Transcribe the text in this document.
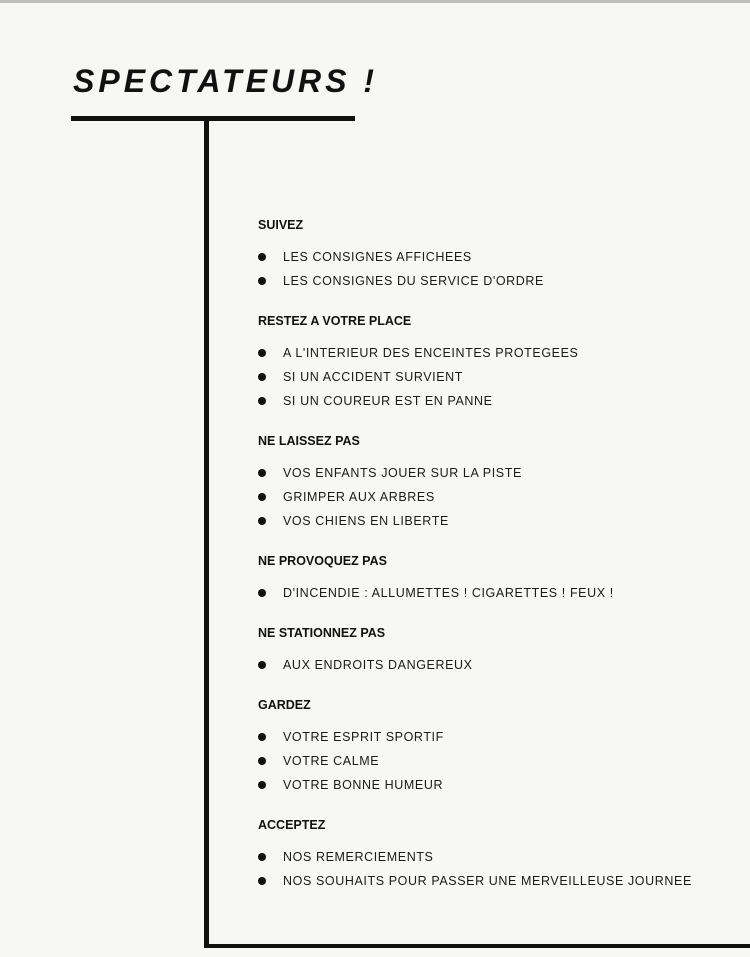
SPECTATEURS !
SUIVEZ
LES CONSIGNES AFFICHEES
LES CONSIGNES DU SERVICE D'ORDRE
RESTEZ A VOTRE PLACE
A L'INTERIEUR DES ENCEINTES PROTEGEES
SI UN ACCIDENT SURVIENT
SI UN COUREUR EST EN PANNE
NE LAISSEZ PAS
VOS ENFANTS JOUER SUR LA PISTE
GRIMPER AUX ARBRES
VOS CHIENS EN LIBERTE
NE PROVOQUEZ PAS
D'INCENDIE : ALLUMETTES ! CIGARETTES ! FEUX !
NE STATIONNEZ PAS
AUX ENDROITS DANGEREUX
GARDEZ
VOTRE ESPRIT SPORTIF
VOTRE CALME
VOTRE BONNE HUMEUR
ACCEPTEZ
NOS REMERCIEMENTS
NOS SOUHAITS POUR PASSER UNE MERVEILLEUSE JOURNEE
